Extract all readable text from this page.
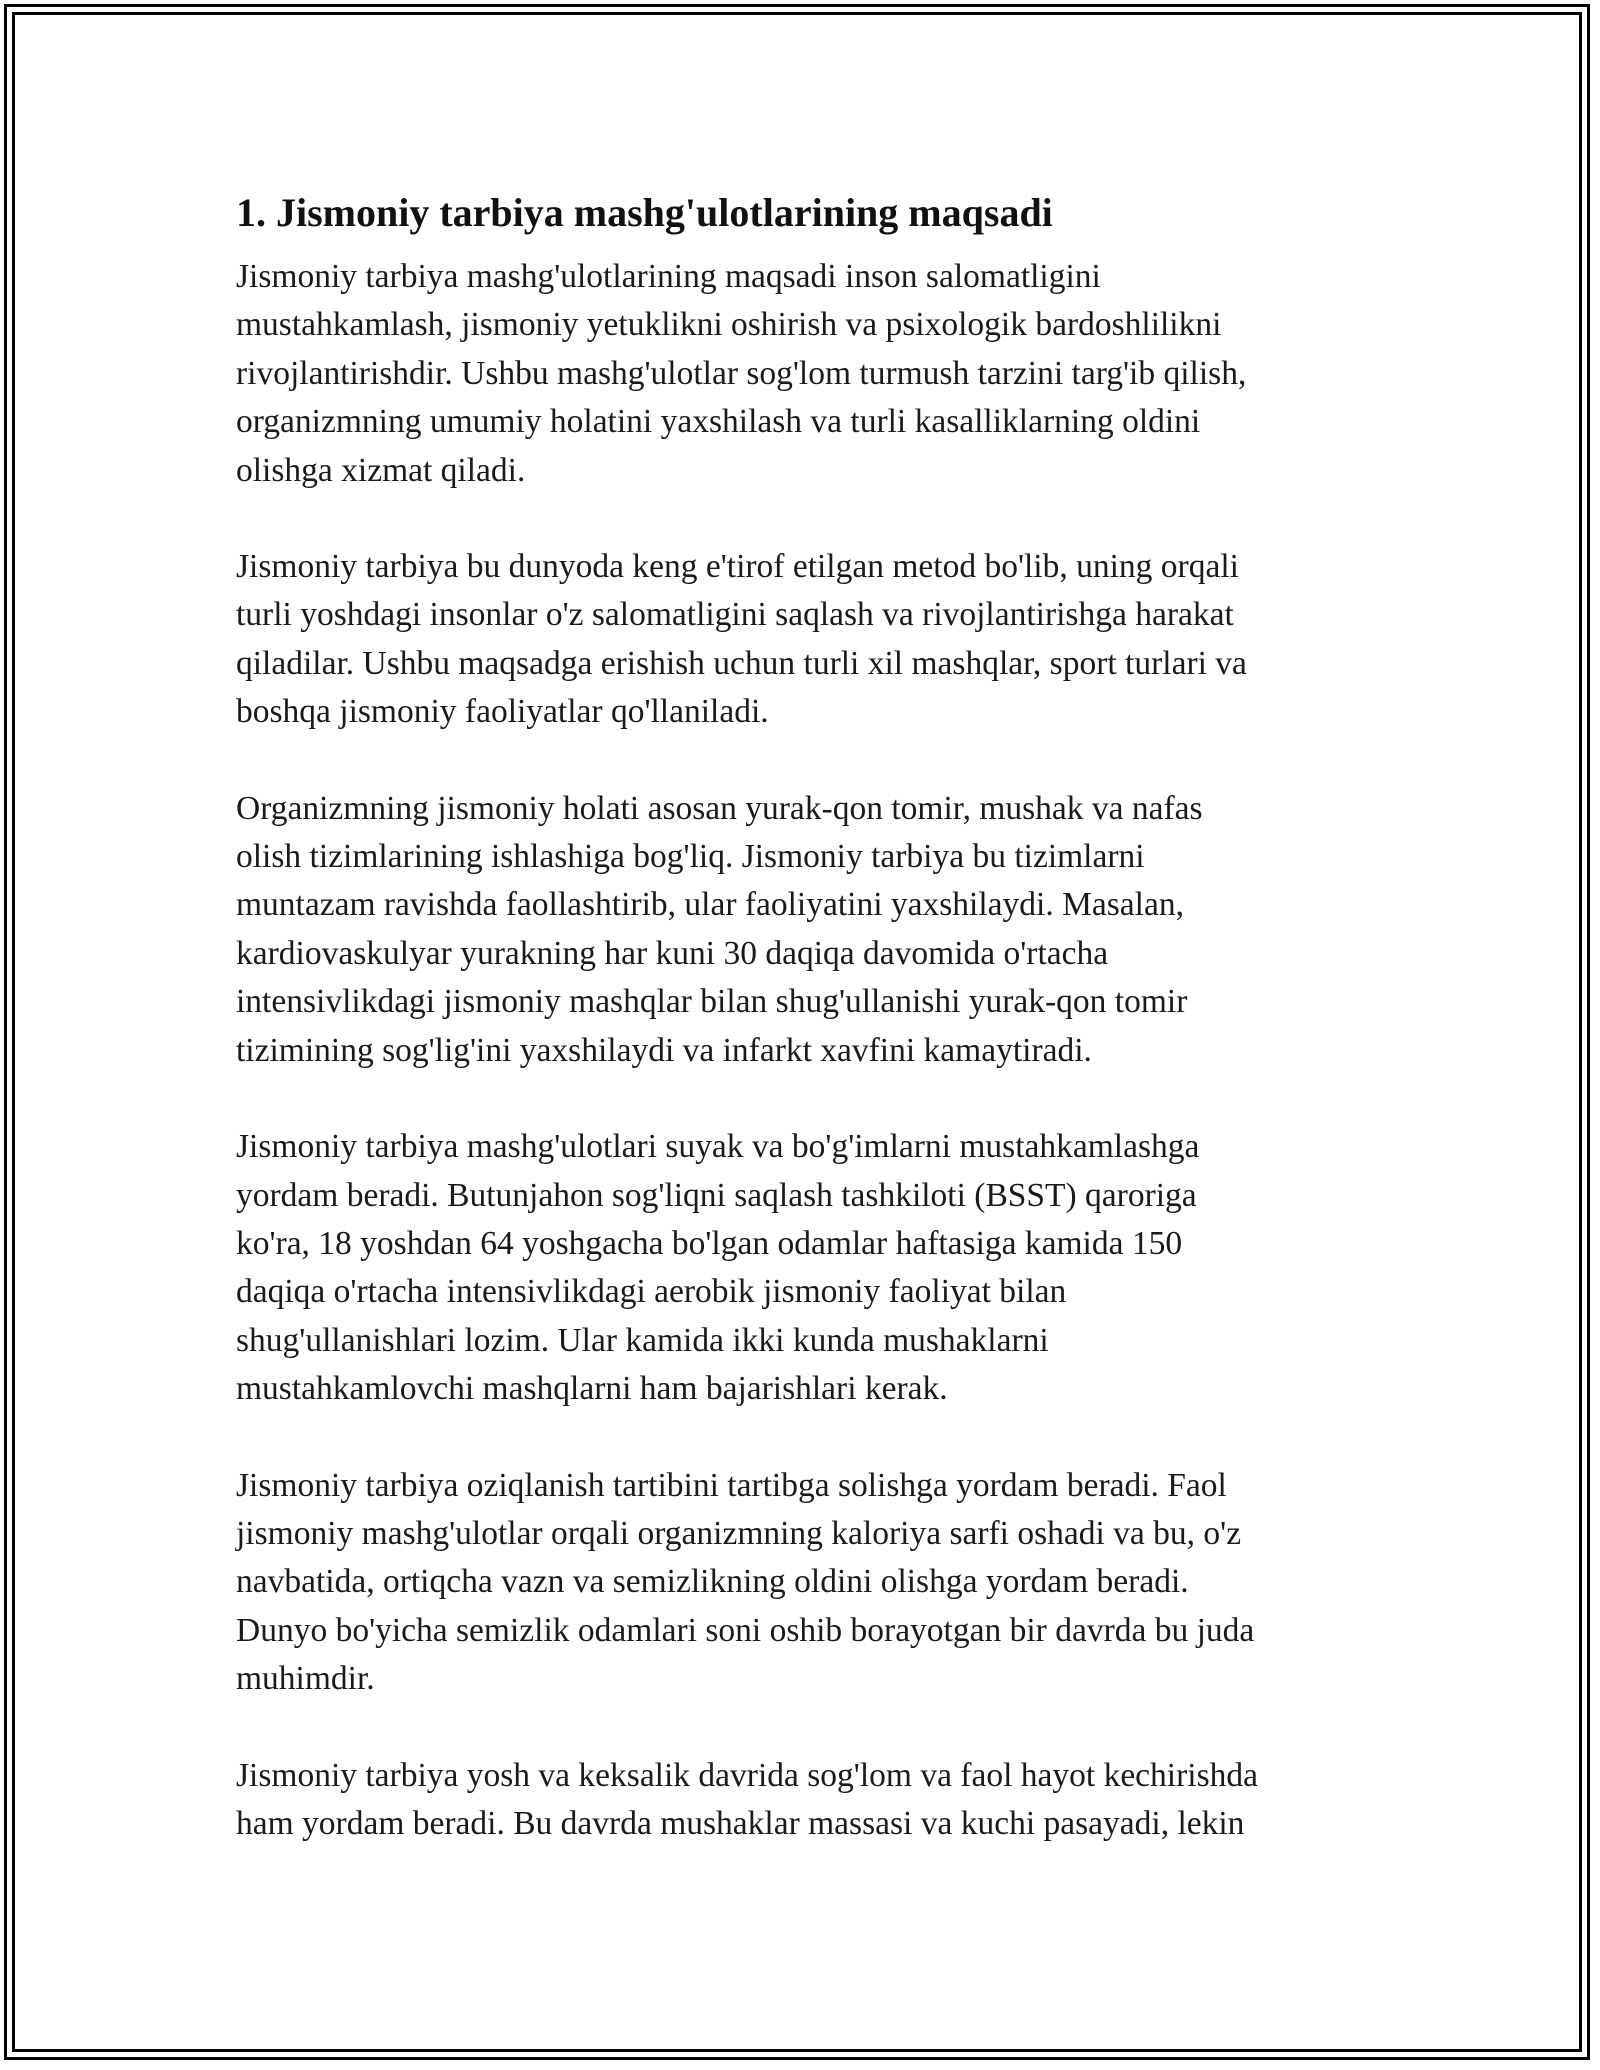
1. Jismoniy tarbiya mashg'ulotlarining maqsadi

Jismoniy tarbiya mashg'ulotlarining maqsadi inson salomatligini
mustahkamlash, jismoniy yetuklikni oshirish va psixologik bardoshlilikni
rivojlantirishdir. Ushbu mashg'ulotlar sog'lom turmush tarzini targ'ib qilish,
organizmning umumiy holatini yaxshilash va turli kasalliklarning oldini
olishga xizmat qiladi.

Jismoniy tarbiya bu dunyoda keng e'tirof etilgan metod bo'lib, uning orqali
turli yoshdagi insonlar o'z salomatligini saqlash va rivojlantirishga harakat
qiladilar. Ushbu maqsadga erishish uchun turli xil mashqlar, sport turlari va
boshqa jismoniy faoliyatlar qo'llaniladi.

Organizmning jismoniy holati asosan yurak-qon tomir, mushak va nafas
olish tizimlarining ishlashiga bog'liq. Jismoniy tarbiya bu tizimlarni
muntazam ravishda faollashtirib, ular faoliyatini yaxshilaydi. Masalan,
kardiovaskulyar yurakning har kuni 30 daqiqa davomida o'rtacha
intensivlikdagi jismoniy mashqlar bilan shug'ullanishi yurak-qon tomir
tizimining sog'lig'ini yaxshilaydi va infarkt xavfini kamaytiradi.

Jismoniy tarbiya mashg'ulotlari suyak va bo'g'imlarni mustahkamlashga
yordam beradi. Butunjahon sog'liqni saqlash tashkiloti (BSST) qaroriga
ko'ra, 18 yoshdan 64 yoshgacha bo'lgan odamlar haftasiga kamida 150
daqiqa o'rtacha intensivlikdagi aerobik jismoniy faoliyat bilan
shug'ullanishlari lozim. Ular kamida ikki kunda mushaklarni
mustahkamlovchi mashqlarni ham bajarishlari kerak.

Jismoniy tarbiya oziqlanish tartibini tartibga solishga yordam beradi. Faol
jismoniy mashg'ulotlar orqali organizmning kaloriya sarfi oshadi va bu, o'z
navbatida, ortiqcha vazn va semizlikning oldini olishga yordam beradi.
Dunyo bo'yicha semizlik odamlari soni oshib borayotgan bir davrda bu juda
muhimdir.

Jismoniy tarbiya yosh va keksalik davrida sog'lom va faol hayot kechirishda
ham yordam beradi. Bu davrda mushaklar massasi va kuchi pasayadi, lekin
